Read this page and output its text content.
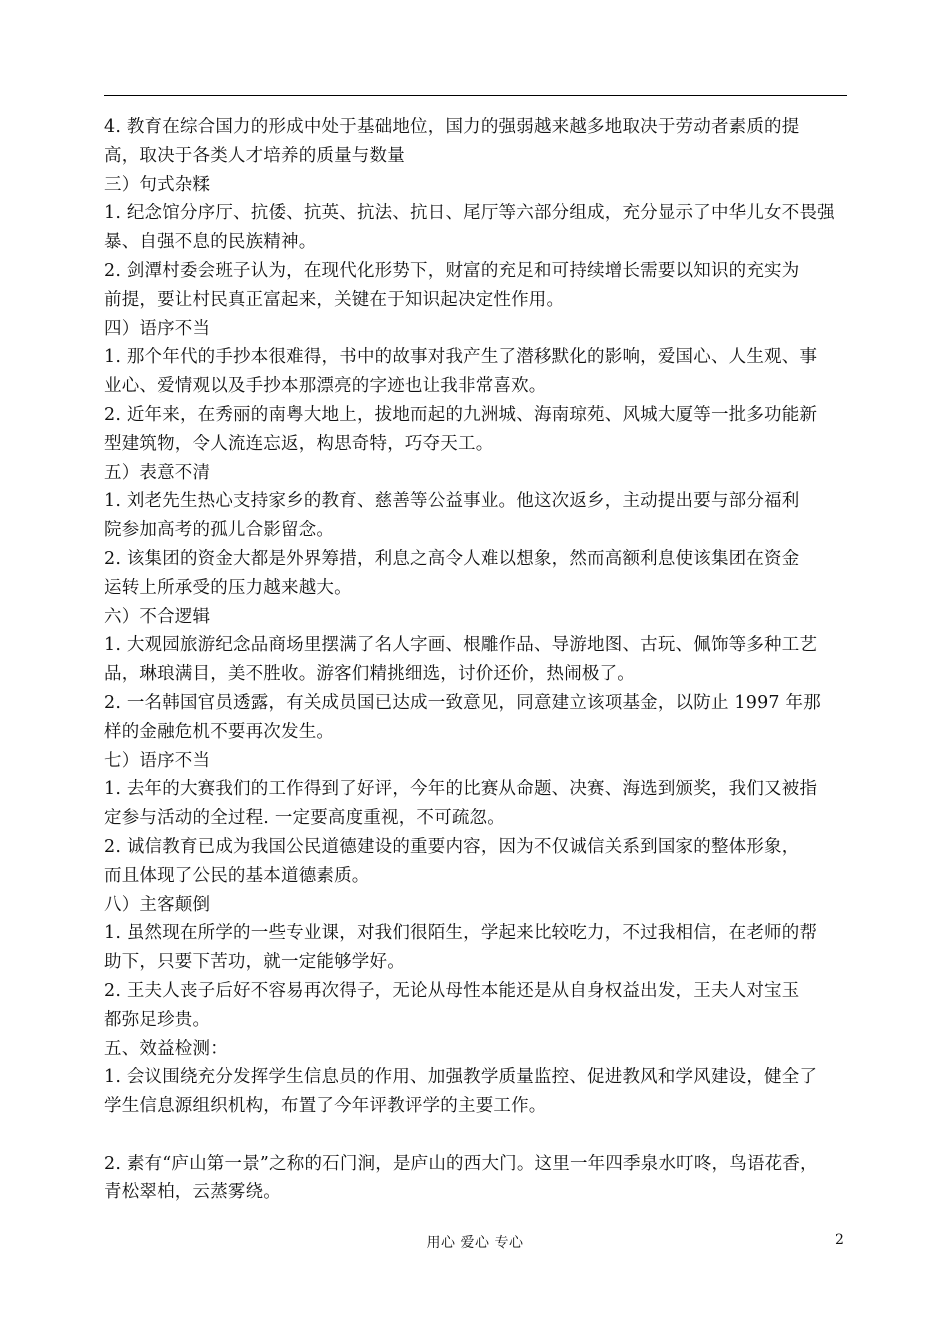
4. 教育在综合国力的形成中处于基础地位，国力的强弱越来越多地取决于劳动者素质的提
高，取决于各类人才培养的质量与数量
三）句式杂糅
1. 纪念馆分序厅、抗倭、抗英、抗法、抗日、尾厅等六部分组成，充分显示了中华儿女不畏强
暴、自强不息的民族精神。
2. 剑潭村委会班子认为，在现代化形势下，财富的充足和可持续增长需要以知识的充实为
前提，要让村民真正富起来，关键在于知识起决定性作用。
四）语序不当
1. 那个年代的手抄本很难得，书中的故事对我产生了潜移默化的影响，爱国心、人生观、事
业心、爱情观以及手抄本那漂亮的字迹也让我非常喜欢。
2. 近年来，在秀丽的南粤大地上，拔地而起的九洲城、海南琼苑、风城大厦等一批多功能新
型建筑物，令人流连忘返，构思奇特，巧夺天工。
五）表意不清
1. 刘老先生热心支持家乡的教育、慈善等公益事业。他这次返乡，主动提出要与部分福利
院参加高考的孤儿合影留念。
2. 该集团的资金大都是外界筹措，利息之高令人难以想象，然而高额利息使该集团在资金
运转上所承受的压力越来越大。
六）不合逻辑
1. 大观园旅游纪念品商场里摆满了名人字画、根雕作品、导游地图、古玩、佩饰等多种工艺
品，琳琅满目，美不胜收。游客们精挑细选，讨价还价，热闹极了。
2. 一名韩国官员透露，有关成员国已达成一致意见，同意建立该项基金，以防止 1997 年那
样的金融危机不要再次发生。
七）语序不当
1. 去年的大赛我们的工作得到了好评，今年的比赛从命题、决赛、海选到颁奖，我们又被指
定参与活动的全过程. 一定要高度重视，不可疏忽。
2. 诚信教育已成为我国公民道德建设的重要内容，因为不仅诚信关系到国家的整体形象，
而且体现了公民的基本道德素质。
八）主客颠倒
1. 虽然现在所学的一些专业课，对我们很陌生，学起来比较吃力，不过我相信，在老师的帮
助下，只要下苦功，就一定能够学好。
2. 王夫人丧子后好不容易再次得子，无论从母性本能还是从自身权益出发，王夫人对宝玉
都弥足珍贵。
五、效益检测：
1. 会议围绕充分发挥学生信息员的作用、加强教学质量监控、促进教风和学风建设，健全了
学生信息源组织机构，布置了今年评教评学的主要工作。
2. 素有“庐山第一景”之称的石门涧，是庐山的西大门。这里一年四季泉水叮咚，鸟语花香，
青松翠柏，云蒸雾绕。
用心 爱心 专心	2
